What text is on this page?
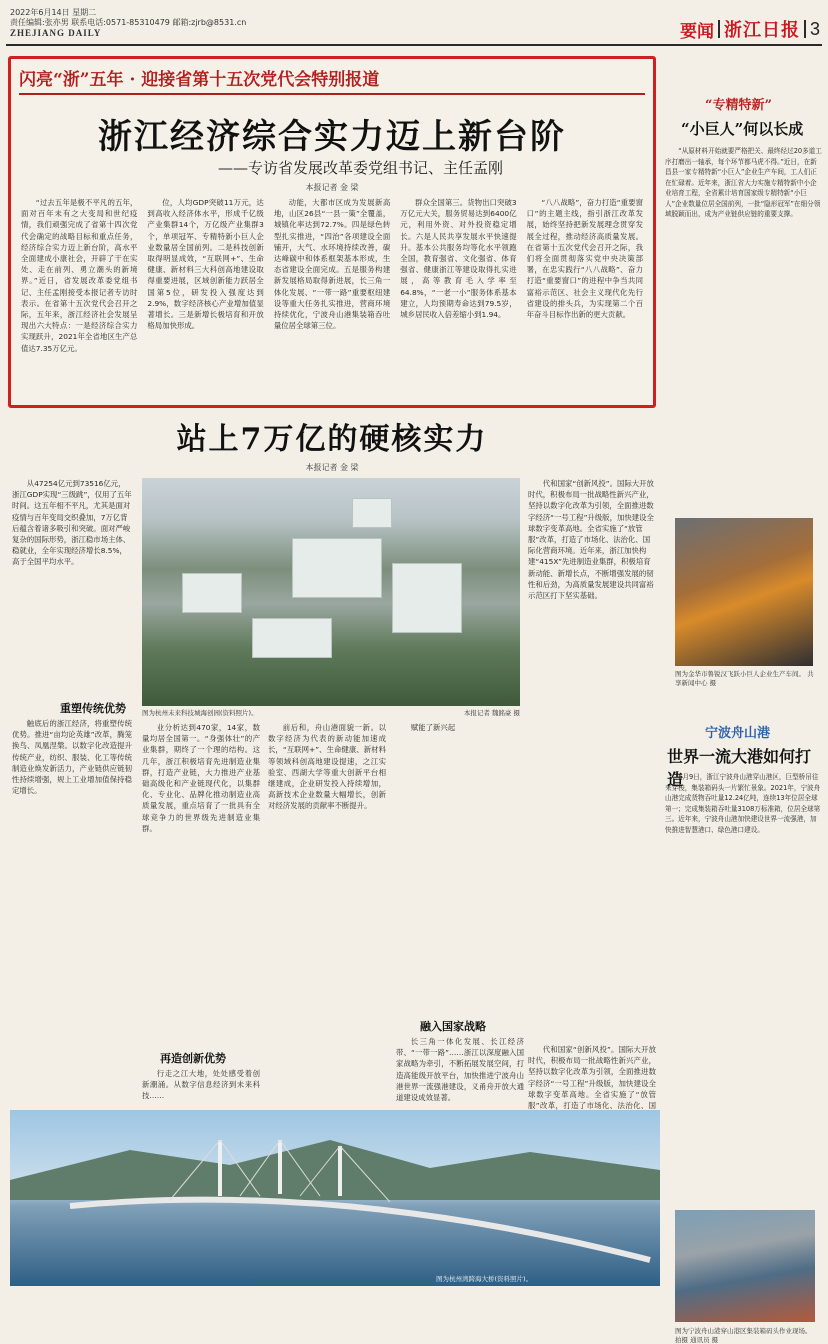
2022年6月14日 星期二
责任编辑:张亦男 联系电话:0571-85310479 邮箱:zjrb@8531.cn
ZHEJIANG DAILY	要闻 浙江日报 3
闪亮“浙”五年 · 迎接省第十五次党代会特别报道
浙江经济综合实力迈上新台阶
——专访省发展改革委党组书记、主任孟刚
本报记者 金 梁
“过去五年是极不平凡的五年，面对百年未有之大变局和世纪疫情，我们顽强完成了省第十四次党代会确定的战略目标和重点任务，经济综合实力迈上新台阶，高水平全面建成小康社会，开辟了干在实处、走在前列、勇立潮头的新境界。”近日，省发展改革委党组书记、主任孟刚接受本报记者专访时表示。在省第十五次党代会召开之际，五年来，浙江经济社会发展呈现出六大特点：一是经济综合实力实现跃升，2021年全省地区生产总值达7.35万亿元。
位，人均GDP突破11万元，达到高收入经济体水平，形成千亿级产业集群14个，万亿级产业集群3个，单项冠军、专精特新小巨人企业数量居全国前列。二是科技创新取得明显成效，“互联网+”、生命健康、新材料三大科创高地建设取得重要进展，区域创新能力跃居全国第5位，研发投入强度达到2.9%，数字经济核心产业增加值显著增长。三是新增长极培育和开放格局加快形成。
动能，大都市区成为发展新高地，山区26县“一县一策”全覆盖，城镇化率达到72.7%。四是绿色转型扎实推进，“四治”各项建设全面铺开，大气、水环境持续改善，碳达峰碳中和体系框架基本形成，生态省建设全面完成。五是服务构建新发展格局取得新进展，长三角一体化发展、“一带一路”重要枢纽建设等重大任务扎实推进，营商环境持续优化，宁波舟山港集装箱吞吐量位居全球第三位。
群众全国第三。货物出口突破3万亿元大关，服务贸易达到6400亿元，利用外资、对外投资稳定增长。六是人民共享发展水平快速提升。基本公共服务均等化水平领跑全国，教育强省、文化强省、体育强省、健康浙江等建设取得扎实进展，高等教育毛入学率至64.8%，“一老一小”服务体系基本建立，人均预期寿命达到79.5岁，城乡居民收入倍差缩小到1.94。
“八八战略”，奋力打造“重要窗口”的主题主线，指引浙江改革发展，始终坚持把新发展理念贯穿发展全过程，推动经济高质量发展。在省第十五次党代会召开之际，我们将全面贯彻落实党中央决策部署，在忠实践行“八八战略”、奋力打造“重要窗口”的进程中争当共同富裕示范区、社会主义现代化先行省建设的排头兵，为实现第二个百年奋斗目标作出新的更大贡献。
站上7万亿的硬核实力
本报记者 金 梁
从47254亿元到73516亿元，浙江GDP实现“三级跳”，仅用了五年时间。这五年相不平凡，尤其是面对疫情与百年变局交织叠加，7万亿背后蕴含着诸多吸引和突破。面对严峻复杂的国际形势，浙江稳市场主体、稳就业，全年实现经济增长8.5%，高于全国平均水平。
图为杭州未来科技城海创园(资料照片)。	本报记者 魏銘豪 摄
代和国家“创新风投”。国际大开放时代，积极布局一批战略性新兴产业，坚持以数字化改革为引领，全面推进数字经济“一号工程”升级版，加快建设全球数字变革高地。全省实施了“放管服”改革，打造了市场化、法治化、国际化营商环境。近年来，浙江加快构建“415X”先进制造业集群，积极培育新动能、新增长点，不断增强发展的韧性和后劲，为高质量发展建设共同富裕示范区打下坚实基础。
重塑传统优势
触底后的浙江经济，将重塑传统优势。推进“亩均论英雄”改革，腾笼换鸟、凤凰涅槃。以数字化改造提升传统产业，纺织、服装、化工等传统制造业焕发新活力，产业链供应链韧性持续增强，规上工业增加值保持稳定增长。
业分析达到470家，14家，数量均居全国第一。“身强体壮”的产业集群，期终了一个理的结构。这几年，浙江积极培育先进制造业集群，打造产业链，大力推进产业基础高级化和产业链现代化，以集群化、专业化、品牌化推动制造业高质量发展，重点培育了一批具有全球竞争力的世界级先进制造业集群。
再造创新优势
行走之江大地，处处感受着创新潮涌。从数字信息经济到未来科技……
前后和，舟山港面貌一新。以数字经济为代表的新动能加速成长，“互联网+”、生命健康、新材料等领域科创高地建设提速，之江实验室、西湖大学等重大创新平台相继建成，企业研发投入持续增加，高新技术企业数量大幅增长，创新对经济发展的贡献率不断提升。
赋能了新兴起
融入国家战略
长三角一体化发展、长江经济带、“一带一路”……浙江以深度融入国家战略为牵引，不断拓展发展空间，打造高能级开放平台，加快推进宁波舟山港世界一流强港建设，义甬舟开放大通道建设成效显著。
代和国家“创新风投”。国际大开放时代，积极布局一批战略性新兴产业，坚持以数字化改革为引领，全面推进数字经济“一号工程”升级版，加快建设全球数字变革高地。全省实施了“放管服”改革，打造了市场化、法治化、国
图为杭州湾跨海大桥(资料照片)。
“专精特新”
“小巨人”何以长成
“从原材料开始就要严格把关、最终经过20多道工序打磨出一轴承，每个环节都马虎不得。”近日，在新昌县一家专精特新“小巨人”企业生产车间，工人们正在忙碌着。近年来，浙江省大力实施专精特新中小企业培育工程，全省累计培育国家级专精特新“小巨人”企业数量位居全国前列，一批“隐形冠军”在细分领域脱颖而出，成为产业链供应链的重要支撑。
图为金华市鲁锐汉飞跃小巨人企业生产车间。 共享新闻中心 摄
宁波舟山港
世界一流大港如何打造
6月9日，浙江宁波舟山港穿山港区，巨型桥吊往来穿梭，集装箱码头一片繁忙景象。2021年，宁波舟山港完成货物吞吐量12.24亿吨，连续13年位居全球第一；完成集装箱吞吐量3108万标准箱，位居全球第三。近年来，宁波舟山港加快建设世界一流强港，加快推进智慧港口、绿色港口建设。
图为宁波舟山港穿山港区集装箱码头作业现场。 拍摄 通讯员 摄
